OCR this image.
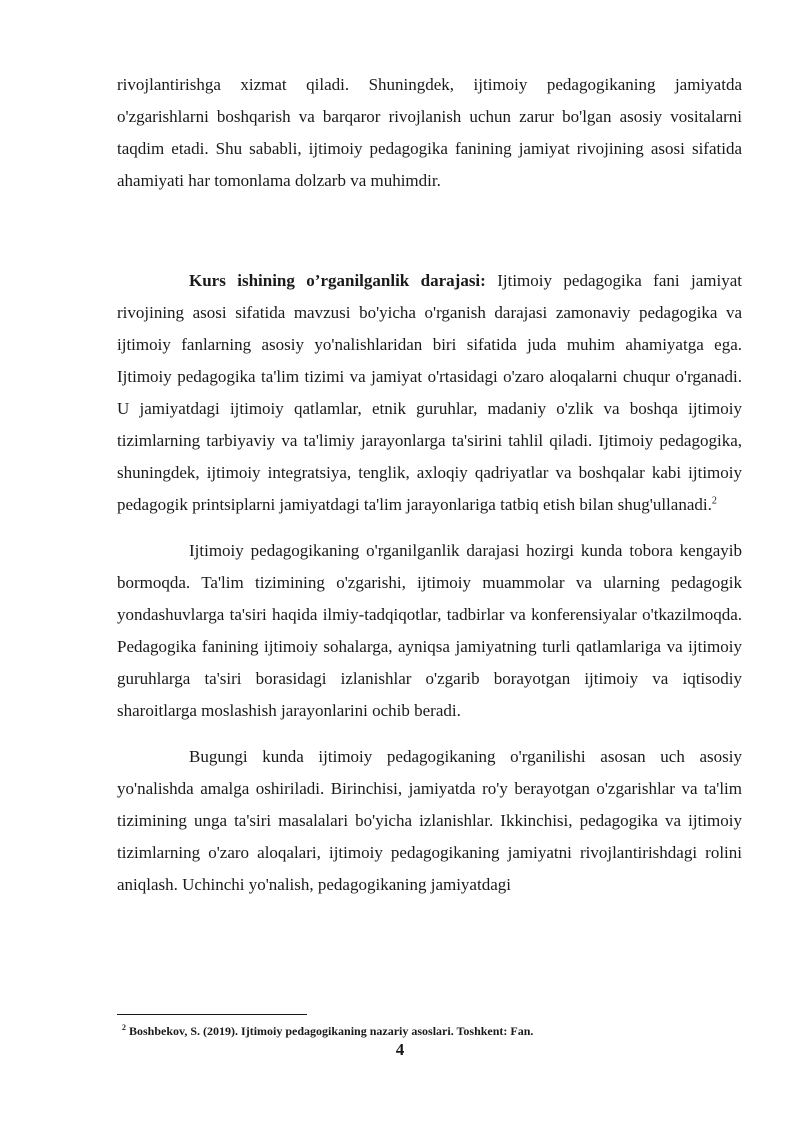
rivojlantirishga xizmat qiladi. Shuningdek, ijtimoiy pedagogikaning jamiyatda o'zgarishlarni boshqarish va barqaror rivojlanish uchun zarur bo'lgan asosiy vositalarni taqdim etadi. Shu sababli, ijtimoiy pedagogika fanining jamiyat rivojining asosi sifatida ahamiyati har tomonlama dolzarb va muhimdir.

Kurs ishining o’rganilganlik darajasi: Ijtimoiy pedagogika fani jamiyat rivojining asosi sifatida mavzusi bo'yicha o'rganish darajasi zamonaviy pedagogika va ijtimoiy fanlarning asosiy yo'nalishlaridan biri sifatida juda muhim ahamiyatga ega. Ijtimoiy pedagogika ta'lim tizimi va jamiyat o'rtasidagi o'zaro aloqalarni chuqur o'rganadi. U jamiyatdagi ijtimoiy qatlamlar, etnik guruhlar, madaniy o'zlik va boshqa ijtimoiy tizimlarning tarbiyaviy va ta'limiy jarayonlarga ta'sirini tahlil qiladi. Ijtimoiy pedagogika, shuningdek, ijtimoiy integratsiya, tenglik, axloqiy qadriyatlar va boshqalar kabi ijtimoiy pedagogik printsiplarni jamiyatdagi ta'lim jarayonlariga tatbiq etish bilan shug'ullanadi.$^2$

Ijtimoiy pedagogikaning o'rganilganlik darajasi hozirgi kunda tobora kengayib bormoqda. Ta'lim tizimining o'zgarishi, ijtimoiy muammolar va ularning pedagogik yondashuvlarga ta'siri haqida ilmiy-tadqiqotlar, tadbirlar va konferensiyalar o'tkazilmoqda. Pedagogika fanining ijtimoiy sohalarga, ayniqsa jamiyatning turli qatlamlariga va ijtimoiy guruhlarga ta'siri borasidagi izlanishlar o'zgarib borayotgan ijtimoiy va iqtisodiy sharoitlarga moslashish jarayonlarini ochib beradi.

Bugungi kunda ijtimoiy pedagogikaning o'rganilishi asosan uch asosiy yo'nalishda amalga oshiriladi. Birinchisi, jamiyatda ro'y berayotgan o'zgarishlar va ta'lim tizimining unga ta'siri masalalari bo'yicha izlanishlar. Ikkinchisi, pedagogika va ijtimoiy tizimlarning o'zaro aloqalari, ijtimoiy pedagogikaning jamiyatni rivojlantirishdagi rolini aniqlash. Uchinchi yo'nalish, pedagogikaning jamiyatdagi

$^2$ Boshbekov, S. (2019). Ijtimoiy pedagogikaning nazariy asoslari. Toshkent: Fan.
4
